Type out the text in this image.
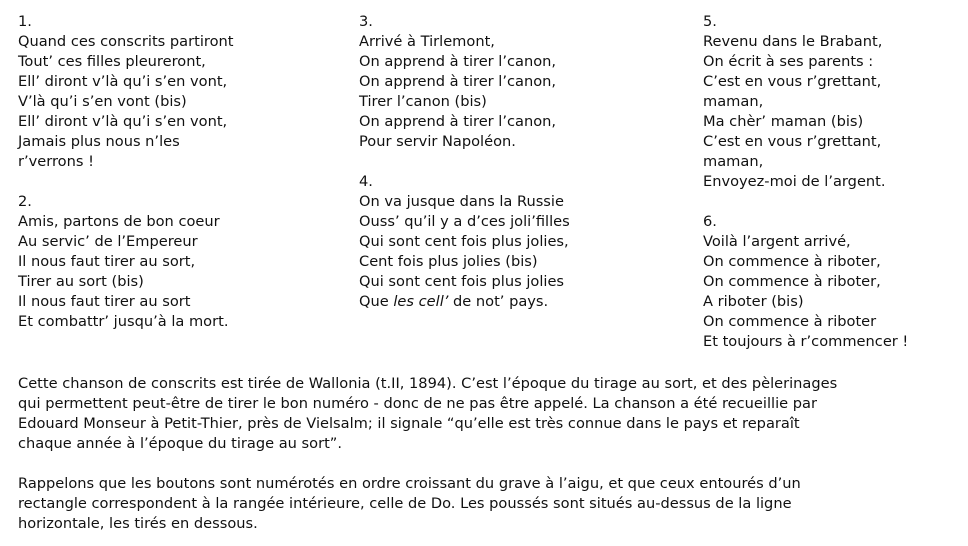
1.
Quand ces conscrits partiront
Tout’ ces filles pleureront,
Ell’ diront v’là qu’i s’en vont,
V’là qu’i s’en vont (bis)
Ell’ diront v’là qu’i s’en vont,
Jamais plus nous n’les
r’verrons !
2.
Amis, partons de bon coeur
Au servic’ de l’Empereur
Il nous faut tirer au sort,
Tirer au sort (bis)
Il nous faut tirer au sort
Et combattr’ jusqu’à la mort.
3.
Arrivé à Tirlemont,
On apprend à tirer l’canon,
On apprend à tirer l’canon,
Tirer l’canon (bis)
On apprend à tirer l’canon,
Pour servir Napoléon.
4.
On va jusque dans la Russie
Ouss’ qu’il y a d’ces joli’filles
Qui sont cent fois plus jolies,
Cent fois plus jolies (bis)
Qui sont cent fois plus jolies
Que les cell’ de not’ pays.
5.
Revenu dans le Brabant,
On écrit à ses parents :
C’est en vous r’grettant,
maman,
Ma chèr’ maman (bis)
C’est en vous r’grettant,
maman,
Envoyez-moi de l’argent.
6.
Voilà l’argent arrivé,
On commence à riboter,
On commence à riboter,
A riboter (bis)
On commence à riboter
Et toujours à r’commencer !
Cette chanson de conscrits est tirée de Wallonia (t.II, 1894). C’est l’époque du tirage au sort, et des pèlerinages
qui permettent peut-être de tirer le bon numéro - donc de ne pas être appelé. La chanson a été recueillie par
Edouard Monseur à Petit-Thier, près de Vielsalm; il signale “qu’elle est très connue dans le pays et reparaît
chaque année à l’époque du tirage au sort”.
Rappelons que les boutons sont numérotés en ordre croissant du grave à l’aigu, et que ceux entourés d’un
rectangle correspondent à la rangée intérieure, celle de Do. Les poussés sont situés au-dessus de la ligne
horizontale, les tirés en dessous.
